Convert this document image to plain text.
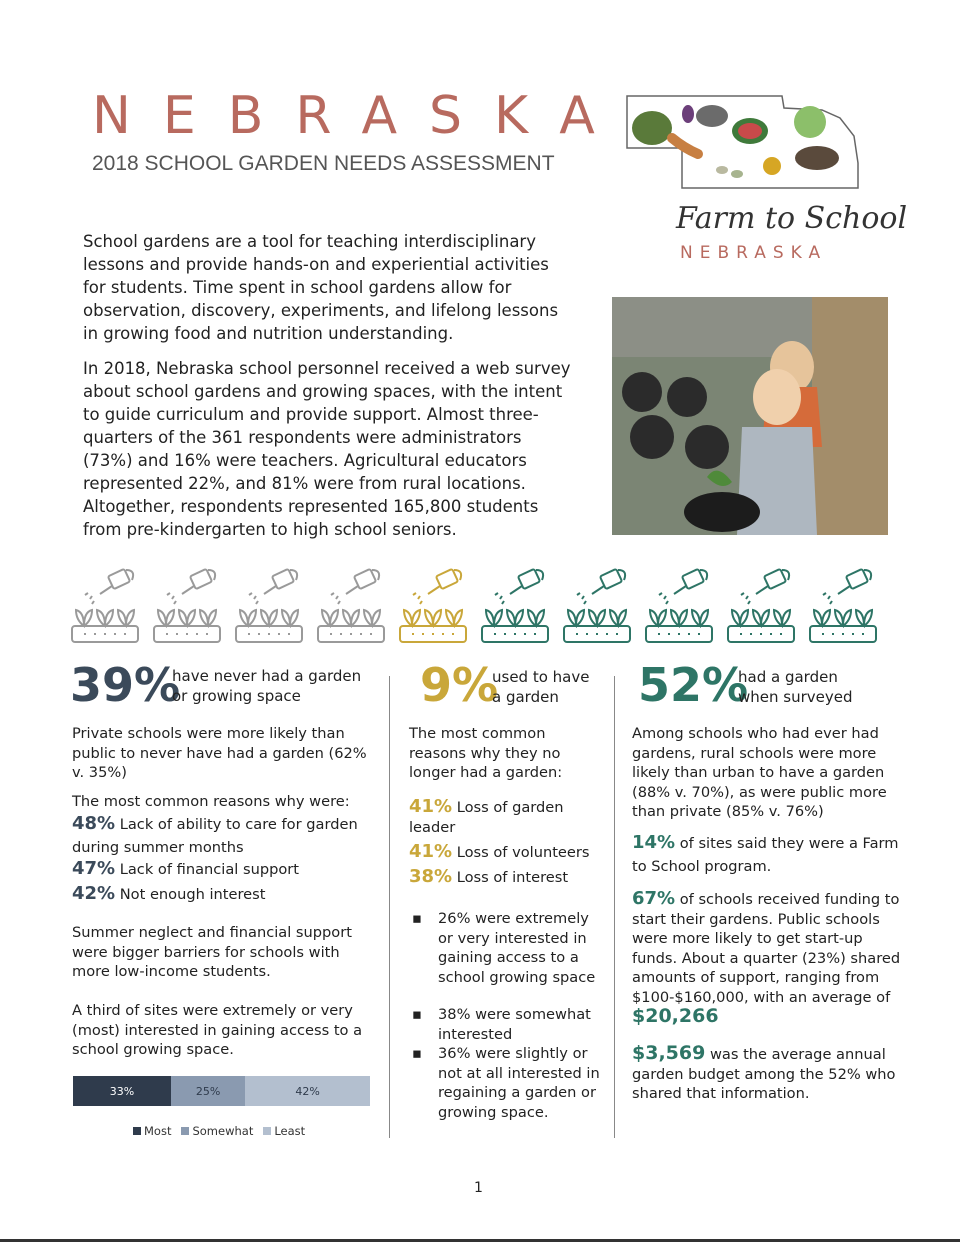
NEBRASKA
2018 SCHOOL GARDEN NEEDS ASSESSMENT
Farm to School
NEBRASKA

School gardens are a tool for teaching interdisciplinary lessons and provide hands-on and experiential activities for students. Time spent in school gardens allow for observation, discovery, experiments, and lifelong lessons in growing food and nutrition understanding.

In 2018, Nebraska school personnel received a web survey about school gardens and growing spaces, with the intent to guide curriculum and provide support. Almost three-quarters of the 361 respondents were administrators (73%) and 16% were teachers. Agricultural educators represented 22%, and 81% were from rural locations. Altogether, respondents represented 165,800 students from pre-kindergarten to high school seniors.

39%
have never had a garden
or growing space
Private schools were more likely than public to never have had a garden (62% v. 35%)
The most common reasons why were:
48% Lack of ability to care for garden during summer months
47% Lack of financial support
42% Not enough interest
Summer neglect and financial support were bigger barriers for schools with more low-income students.
A third of sites were extremely or very (most) interested in gaining access to a school growing space.
33%	25%	42%
Most	Somewhat	Least
9%
used to have
a garden
The most common reasons why they no longer had a garden:
41% Loss of garden leader
41% Loss of volunteers
38% Loss of interest
▪ 26% were extremely or very interested in gaining access to a school growing space
▪ 38% were somewhat interested
▪ 36% were slightly or not at all interested in regaining a garden or growing space.
52%
had a garden
when surveyed
Among schools who had ever had gardens, rural schools were more likely than urban to have a garden (88% v. 70%), as were public more than private (85% v. 76%)
14% of sites said they were a Farm to School program.
67% of schools received funding to start their gardens. Public schools were more likely to get start-up funds. About a quarter (23%) shared amounts of support, ranging from $100-$160,000, with an average of $20,266
$3,569 was the average annual garden budget among the 52% who shared that information.
1
